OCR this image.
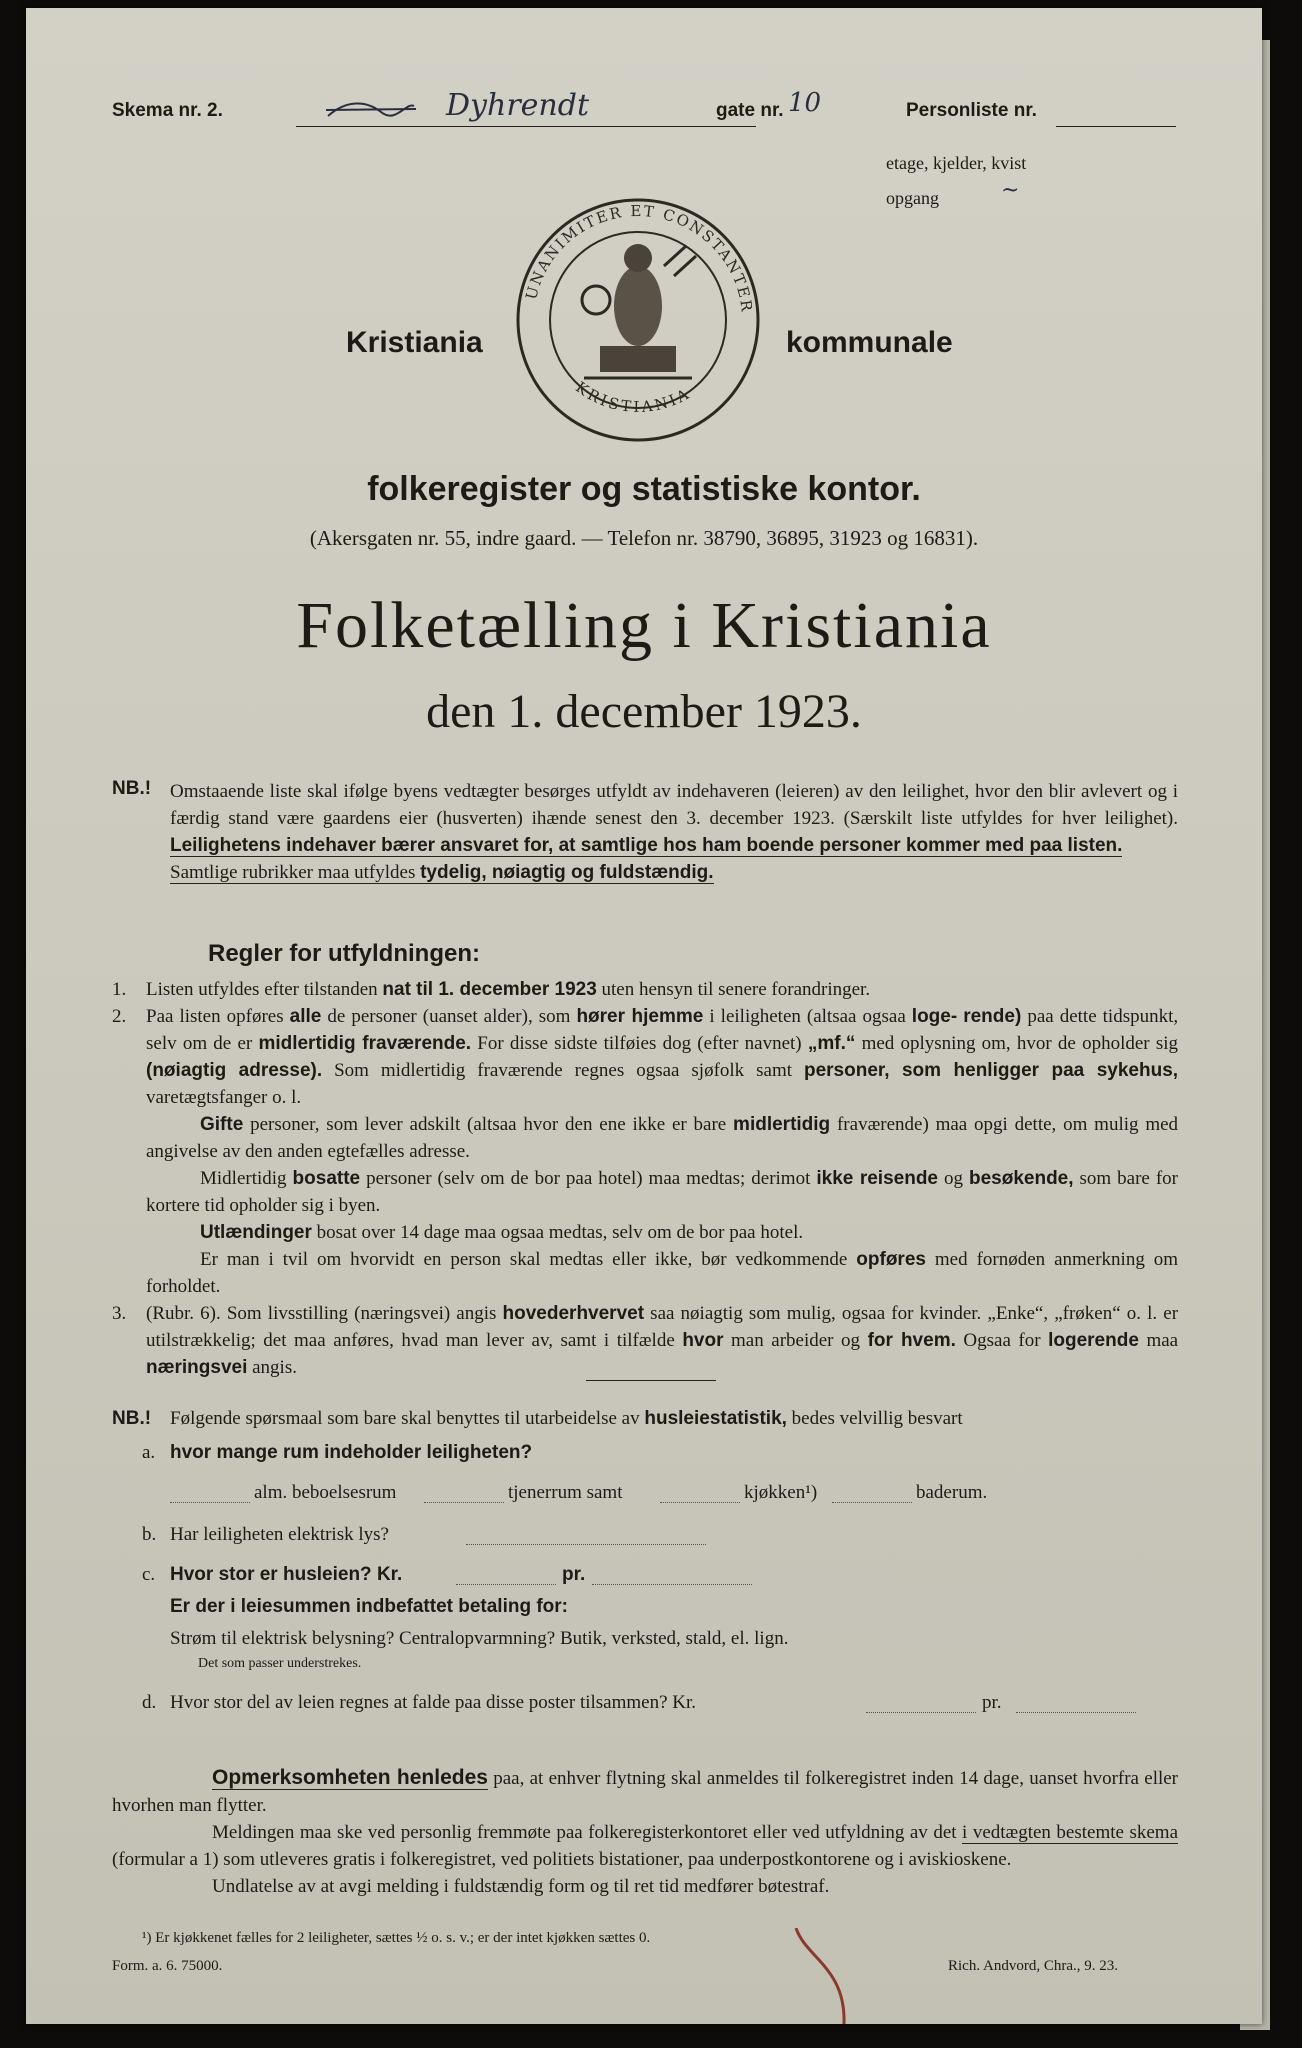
Skema nr. 2.	Dyhrendt	gate nr. 10	Personliste nr.
etage, kjelder, kvist
opgang	~
Kristiania
UNANIMITER ET CONSTANTER
KRISTIANIA
kommunale
folkeregister og statistiske kontor.
(Akersgaten nr. 55, indre gaard. — Telefon nr. 38790, 36895, 31923 og 16831).
Folketælling i Kristiania
den 1. december 1923.
NB.! Omstaaende liste skal ifølge byens vedtægter besørges utfyldt av indehaveren (leieren) av den leilighet, hvor den blir avlevert og i færdig stand være gaardens eier (husverten) ihænde senest den 3. december 1923. (Særskilt liste utfyldes for hver leilighet). Leilighetens indehaver bærer ansvaret for, at samtlige hos ham boende personer kommer med paa listen.
Samtlige rubrikker maa utfyldes tydelig, nøiagtig og fuldstændig.
Regler for utfyldningen:
1. Listen utfyldes efter tilstanden nat til 1. december 1923 uten hensyn til senere forandringer.
2. Paa listen opføres alle de personer (uanset alder), som hører hjemme i leiligheten (altsaa ogsaa loge- rende) paa dette tidspunkt, selv om de er midlertidig fraværende. For disse sidste tilføies dog (efter navnet) „mf.“ med oplysning om, hvor de opholder sig (nøiagtig adresse). Som midlertidig fraværende regnes ogsaa sjøfolk samt personer, som henligger paa sykehus, varetægtsfanger o. l.
Gifte personer, som lever adskilt (altsaa hvor den ene ikke er bare midlertidig fraværende) maa opgi dette, om mulig med angivelse av den anden egtefælles adresse.
Midlertidig bosatte personer (selv om de bor paa hotel) maa medtas; derimot ikke reisende og besøkende, som bare for kortere tid opholder sig i byen.
Utlændinger bosat over 14 dage maa ogsaa medtas, selv om de bor paa hotel.
Er man i tvil om hvorvidt en person skal medtas eller ikke, bør vedkommende opføres med fornøden anmerkning om forholdet.
3. (Rubr. 6). Som livsstilling (næringsvei) angis hovederhvervet saa nøiagtig som mulig, ogsaa for kvinder. „Enke“, „frøken“ o. l. er utilstrækkelig; det maa anføres, hvad man lever av, samt i tilfælde hvor man arbeider og for hvem. Ogsaa for logerende maa næringsvei angis.
NB.! Følgende spørsmaal som bare skal benyttes til utarbeidelse av husleiestatistik, bedes velvillig besvart
a. hvor mange rum indeholder leiligheten?
alm. beboelsesrum	tjenerrum samt	kjøkken¹)	baderum.
b. Har leiligheten elektrisk lys?
c. Hvor stor er husleien? Kr.	pr.
Er der i leiesummen indbefattet betaling for:
Strøm til elektrisk belysning? Centralopvarmning? Butik, verksted, stald, el. lign.
Det som passer understrekes.
d. Hvor stor del av leien regnes at falde paa disse poster tilsammen? Kr.	pr.
Opmerksomheten henledes paa, at enhver flytning skal anmeldes til folkeregistret inden 14 dage, uanset hvorfra eller hvorhen man flytter.
Meldingen maa ske ved personlig fremmøte paa folkeregisterkontoret eller ved utfyldning av det i vedtægten bestemte skema (formular a 1) som utleveres gratis i folkeregistret, ved politiets bistationer, paa underpostkontorene og i aviskioskene.
Undlatelse av at avgi melding i fuldstændig form og til ret tid medfører bøtestraf.
¹) Er kjøkkenet fælles for 2 leiligheter, sættes ½ o. s. v.; er der intet kjøkken sættes 0.
Form. a. 6. 75000.	Rich. Andvord, Chra., 9. 23.
